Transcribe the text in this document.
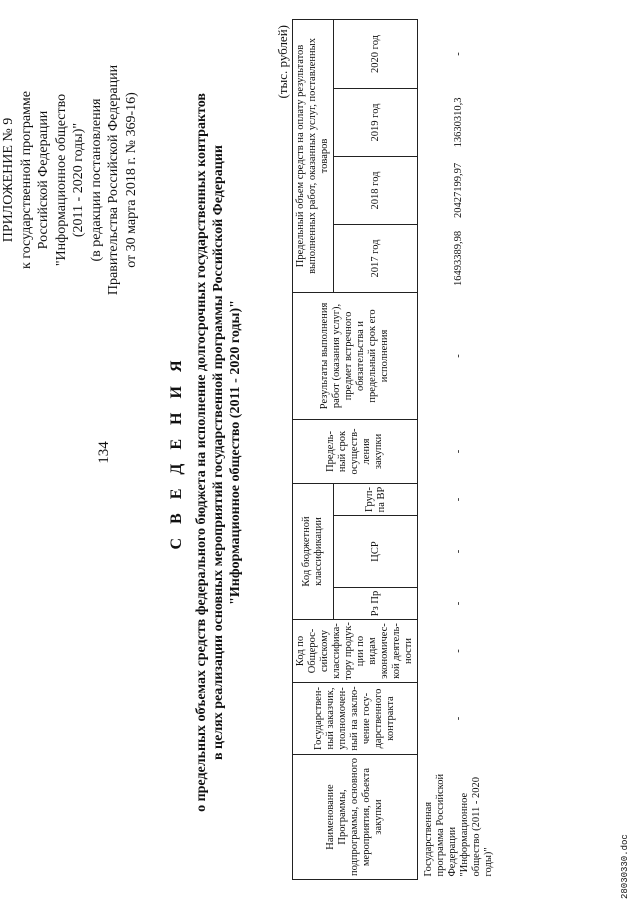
134
ПРИЛОЖЕНИЕ № 9 к государственной программе Российской Федерации "Информационное общество (2011 - 2020 годы)" (в редакции постановления Правительства Российской Федерации от 30 марта 2018 г. № 369-16)
С В Е Д Е Н И Я о предельных объемах средств федерального бюджета на исполнение долгосрочных государственных контрактов в целях реализации основных мероприятий государственной программы Российской Федерации "Информационное общество (2011 - 2020 годы)"
(тыс. рублей)
Наименование Программы, подпрограммы, основного мероприятия, объекта закупки	Государствен-ный заказчик, уполномочен-ный на заклю-чение госу-дарственного контракта	Код по Общерос-сийскому классифика-тору продук-ции по видам экономичес-кой деятель-ности	Код бюджетной классификации			Предель-ный срок осуществ-ления закупки	Результаты выполнения работ (оказания услуг), предмет встречного обязательства и предельный срок его исполнения	Предельный объем средств на оплату результатов выполненных работ, оказанных услуг, поставленных товаров			
			Рз Пр	ЦСР	Груп-па ВР			2017 год	2018 год	2019 год	2020 год

Государственная программа Российской Федерации "Информационное общество (2011 - 2020 годы)"	-	-	-	-	-	-	-	16493389,98	20427199,97	13630310,3	-
28030330.doc
